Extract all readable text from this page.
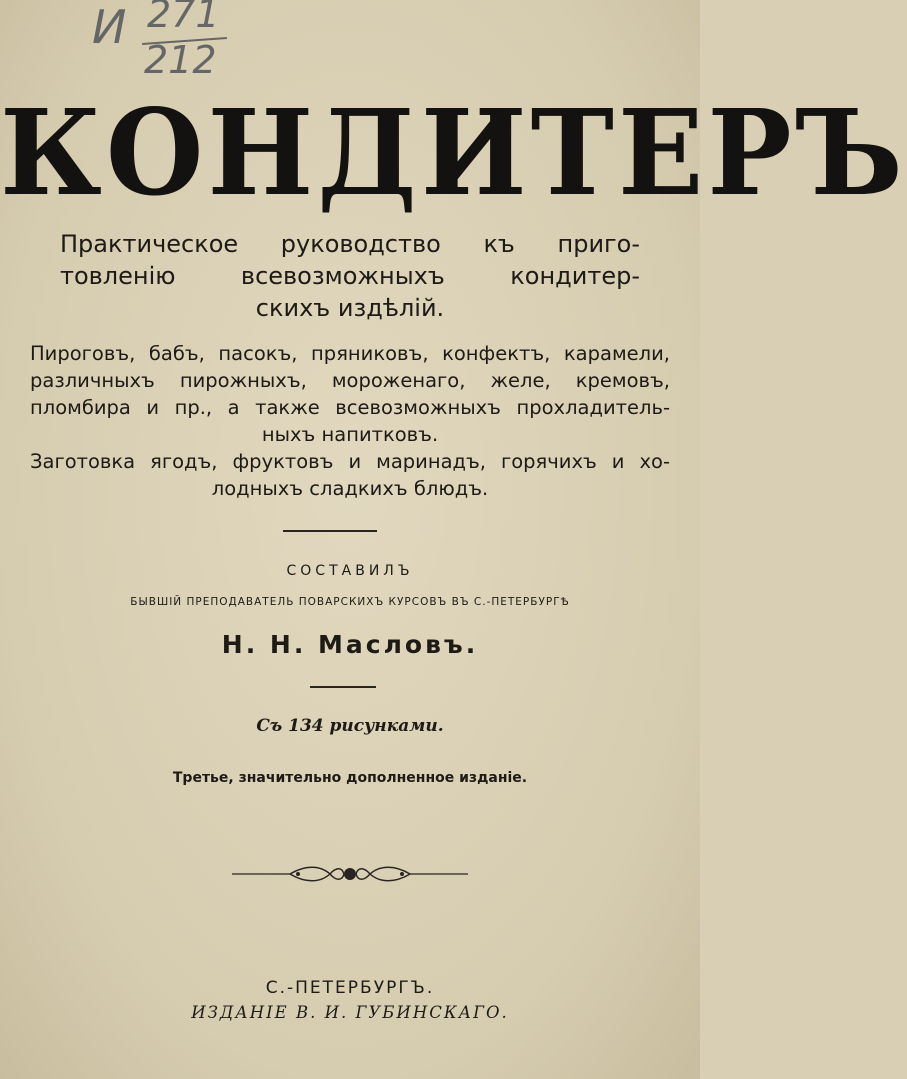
И 271
212
КОНДИТЕРЪ
Практическое руководство къ приго-
товленію всевозможныхъ кондитер-
скихъ издѣлій.
Пироговъ, бабъ, пасокъ, пряниковъ, конфектъ, карамели,
различныхъ пирожныхъ, мороженаго, желе, кремовъ,
пломбира и пр., а также всевозможныхъ прохладитель-
ныхъ напитковъ.
Заготовка ягодъ, фруктовъ и маринадъ, горячихъ и хо-
лодныхъ сладкихъ блюдъ.
СОСТАВИЛЪ
БЫВШІЙ ПРЕПОДАВАТЕЛЬ ПОВАРСКИХЪ КУРСОВЪ ВЪ С.-ПЕТЕРБУРГѢ
Н. Н. Масловъ.
Съ 134 рисунками.
Третье, значительно дополненное изданіе.
С.-ПЕТЕРБУРГЪ.
ИЗДАНІЕ В. И. ГУБИНСКАГО.
